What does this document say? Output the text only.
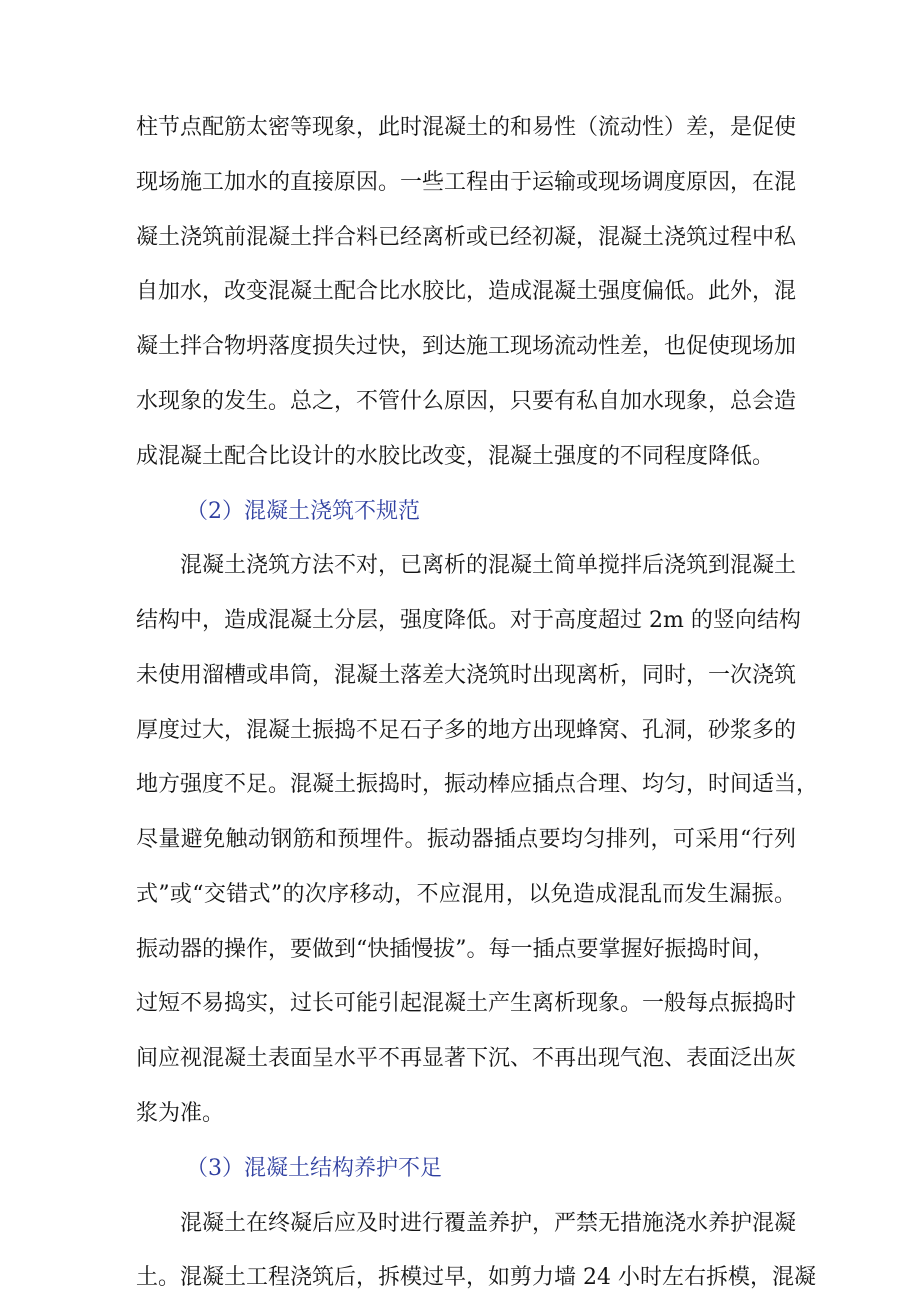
柱节点配筋太密等现象，此时混凝土的和易性（流动性）差，是促使
现场施工加水的直接原因。一些工程由于运输或现场调度原因，在混
凝土浇筑前混凝土拌合料已经离析或已经初凝，混凝土浇筑过程中私
自加水，改变混凝土配合比水胶比，造成混凝土强度偏低。此外，混
凝土拌合物坍落度损失过快，到达施工现场流动性差，也促使现场加
水现象的发生。总之，不管什么原因，只要有私自加水现象，总会造
成混凝土配合比设计的水胶比改变，混凝土强度的不同程度降低。
（2）混凝土浇筑不规范
混凝土浇筑方法不对，已离析的混凝土简单搅拌后浇筑到混凝土
结构中，造成混凝土分层，强度降低。对于高度超过 2m 的竖向结构
未使用溜槽或串筒，混凝土落差大浇筑时出现离析，同时，一次浇筑
厚度过大，混凝土振捣不足石子多的地方出现蜂窝、孔洞，砂浆多的
地方强度不足。混凝土振捣时，振动棒应插点合理、均匀，时间适当，
尽量避免触动钢筋和预埋件。振动器插点要均匀排列，可采用“行列
式”或“交错式”的次序移动，不应混用，以免造成混乱而发生漏振。
振动器的操作，要做到“快插慢拔”。每一插点要掌握好振捣时间，
过短不易捣实，过长可能引起混凝土产生离析现象。一般每点振捣时
间应视混凝土表面呈水平不再显著下沉、不再出现气泡、表面泛出灰
浆为准。
（3）混凝土结构养护不足
混凝土在终凝后应及时进行覆盖养护，严禁无措施浇水养护混凝
土。混凝土工程浇筑后，拆模过早，如剪力墙 24 小时左右拆模，混凝
